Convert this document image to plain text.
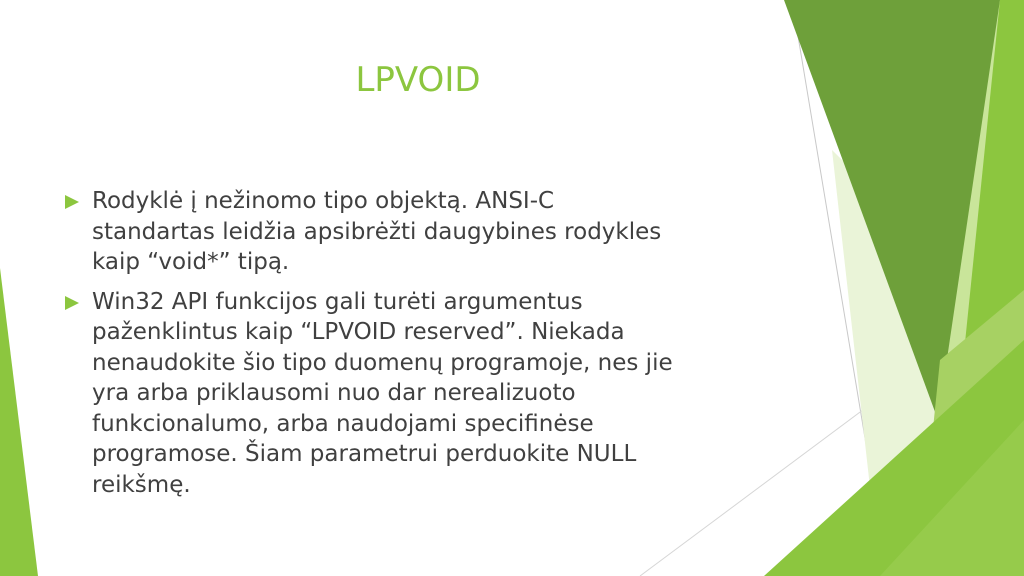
LPVOID
Rodyklė į nežinomo tipo objektą. ANSI-C
standartas leidžia apsibrėžti daugybines rodykles
kaip “void*” tipą.
Win32 API funkcijos gali turėti argumentus
paženklintus kaip “LPVOID reserved”. Niekada
nenaudokite šio tipo duomenų programoje, nes jie
yra arba priklausomi nuo dar nerealizuoto
funkcionalumo, arba naudojami specifinėse
programose. Šiam parametrui perduokite NULL
reikšmę.
